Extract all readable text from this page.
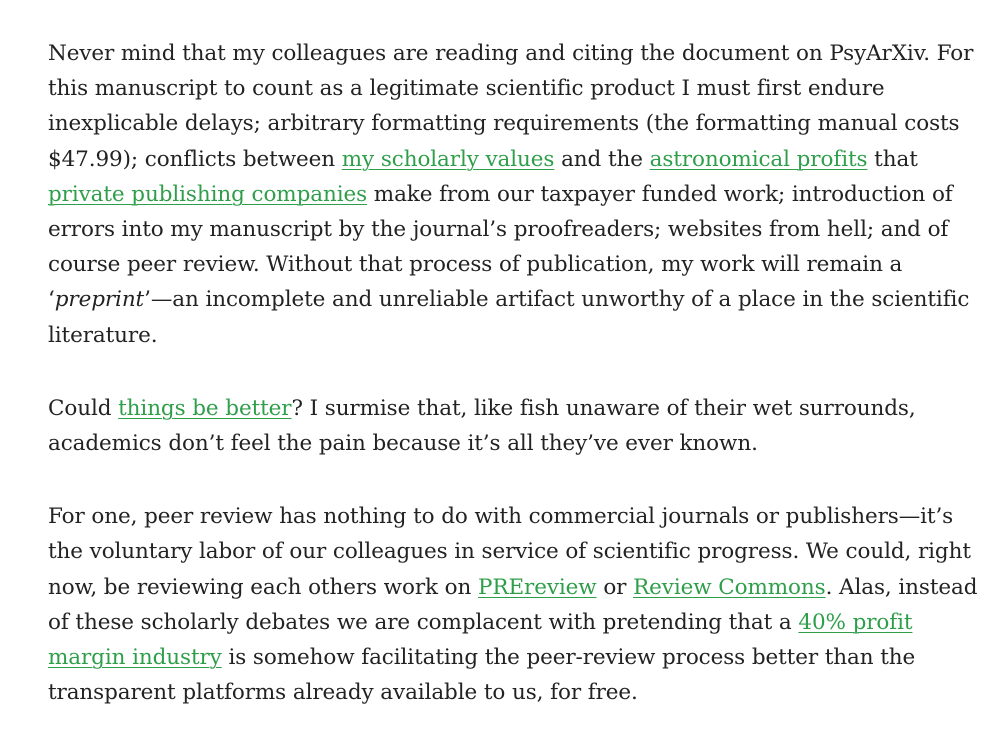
Never mind that my colleagues are reading and citing the document on PsyArXiv. For this manuscript to count as a legitimate scientific product I must first endure inexplicable delays; arbitrary formatting requirements (the formatting manual costs $47.99); conflicts between my scholarly values and the astronomical profits that private publishing companies make from our taxpayer funded work; introduction of errors into my manuscript by the journal’s proofreaders; websites from hell; and of course peer review. Without that process of publication, my work will remain a ‘preprint’—an incomplete and unreliable artifact unworthy of a place in the scientific literature.

Could things be better? I surmise that, like fish unaware of their wet surrounds, academics don’t feel the pain because it’s all they’ve ever known.

For one, peer review has nothing to do with commercial journals or publishers—it’s the voluntary labor of our colleagues in service of scientific progress. We could, right now, be reviewing each others work on PREreview or Review Commons. Alas, instead of these scholarly debates we are complacent with pretending that a 40% profit margin industry is somehow facilitating the peer-review process better than the transparent platforms already available to us, for free.
